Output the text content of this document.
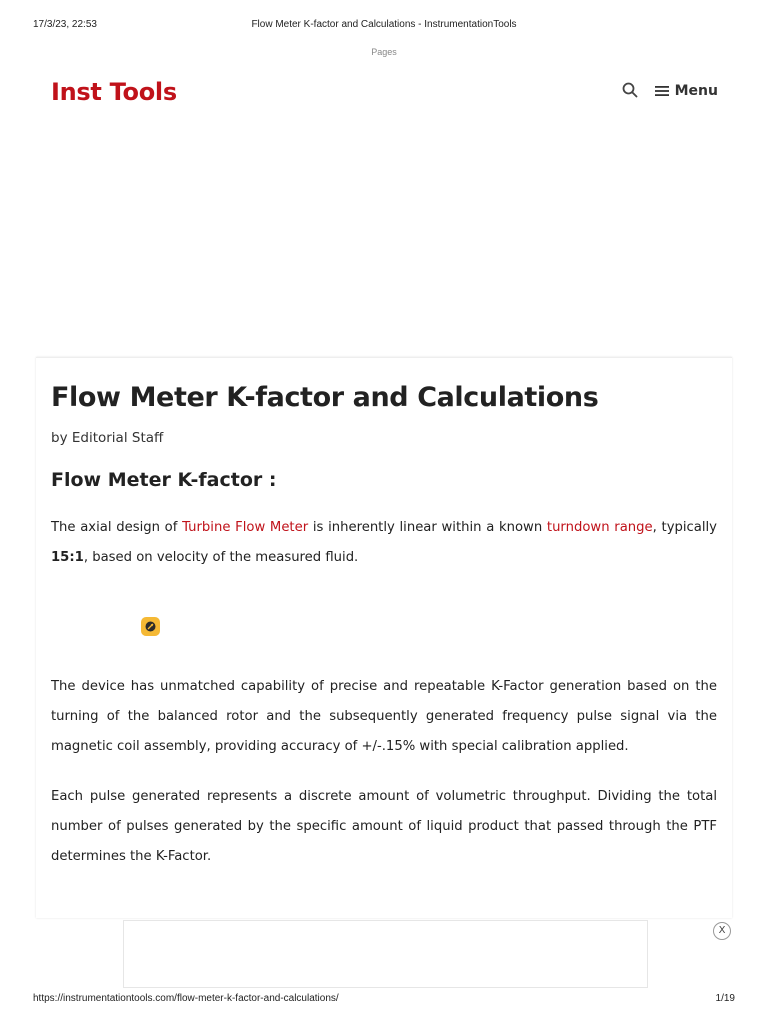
17/3/23, 22:53	Flow Meter K-factor and Calculations - InstrumentationTools
Pages
Inst Tools	Menu
Flow Meter K-factor and Calculations
by Editorial Staff
Flow Meter K-factor :

The axial design of Turbine Flow Meter is inherently linear within a known turndown range, typically 15:1, based on velocity of the measured fluid.

The device has unmatched capability of precise and repeatable K-Factor generation based on the turning of the balanced rotor and the subsequently generated frequency pulse signal via the magnetic coil assembly, providing accuracy of +/-.15% with special calibration applied.

Each pulse generated represents a discrete amount of volumetric throughput. Dividing the total number of pulses generated by the specific amount of liquid product that passed through the PTF determines the K-Factor.

X
https://instrumentationtools.com/flow-meter-k-factor-and-calculations/	1/19
